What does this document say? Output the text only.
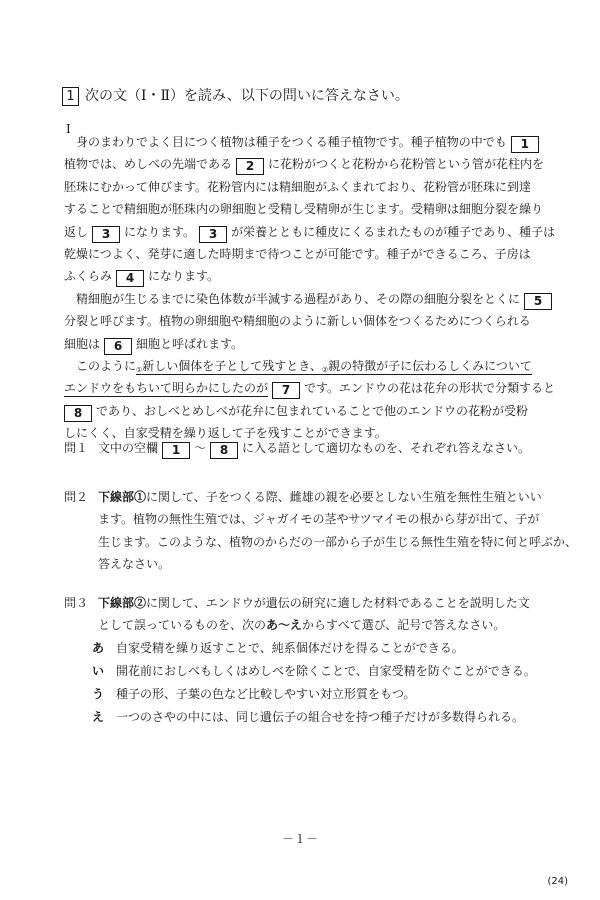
1 次の文（Ⅰ・Ⅱ）を読み、以下の問いに答えなさい。
Ⅰ
身のまわりでよく目につく植物は種子をつくる種子植物です。種子植物の中でも 1
植物では、めしべの先端である 2 に花粉がつくと花粉から花粉管という管が花柱内を
胚珠にむかって伸びます。花粉管内には精細胞がふくまれており、花粉管が胚珠に到達
することで精細胞が胚珠内の卵細胞と受精し受精卵が生じます。受精卵は細胞分裂を繰り
返し 3 になります。 3 が栄養とともに種皮にくるまれたものが種子であり、種子は
乾燥につよく、発芽に適した時期まで待つことが可能です。種子ができるころ、子房は
ふくらみ 4 になります。
精細胞が生じるまでに染色体数が半減する過程があり、その際の細胞分裂をとくに 5
分裂と呼びます。植物の卵細胞や精細胞のように新しい個体をつくるためにつくられる
細胞は 6 細胞と呼ばれます。
このように①新しい個体を子として残すとき、②親の特徴が子に伝わるしくみについて
エンドウをもちいて明らかにしたのが 7 です。エンドウの花は花弁の形状で分類すると
8 であり、おしべとめしべが花弁に包まれていることで他のエンドウの花粉が受粉
しにくく、自家受精を繰り返して子を残すことができます。
問１ 文中の空欄 1 ～ 8 に入る語として適切なものを、それぞれ答えなさい。
問２ 下線部①に関して、子をつくる際、雌雄の親を必要としない生殖を無性生殖といい
ます。植物の無性生殖では、ジャガイモの茎やサツマイモの根から芽が出て、子が
生じます。このような、植物のからだの一部から子が生じる無性生殖を特に何と呼ぶか、
答えなさい。
問３ 下線部②に関して、エンドウが遺伝の研究に適した材料であることを説明した文
として誤っているものを、次のあ～えからすべて選び、記号で答えなさい。
あ 自家受精を繰り返すことで、純系個体だけを得ることができる。
い 開花前におしべもしくはめしべを除くことで、自家受精を防ぐことができる。
う 種子の形、子葉の色など比較しやすい対立形質をもつ。
え 一つのさやの中には、同じ遺伝子の組合せを持つ種子だけが多数得られる。
－１－
(24)
